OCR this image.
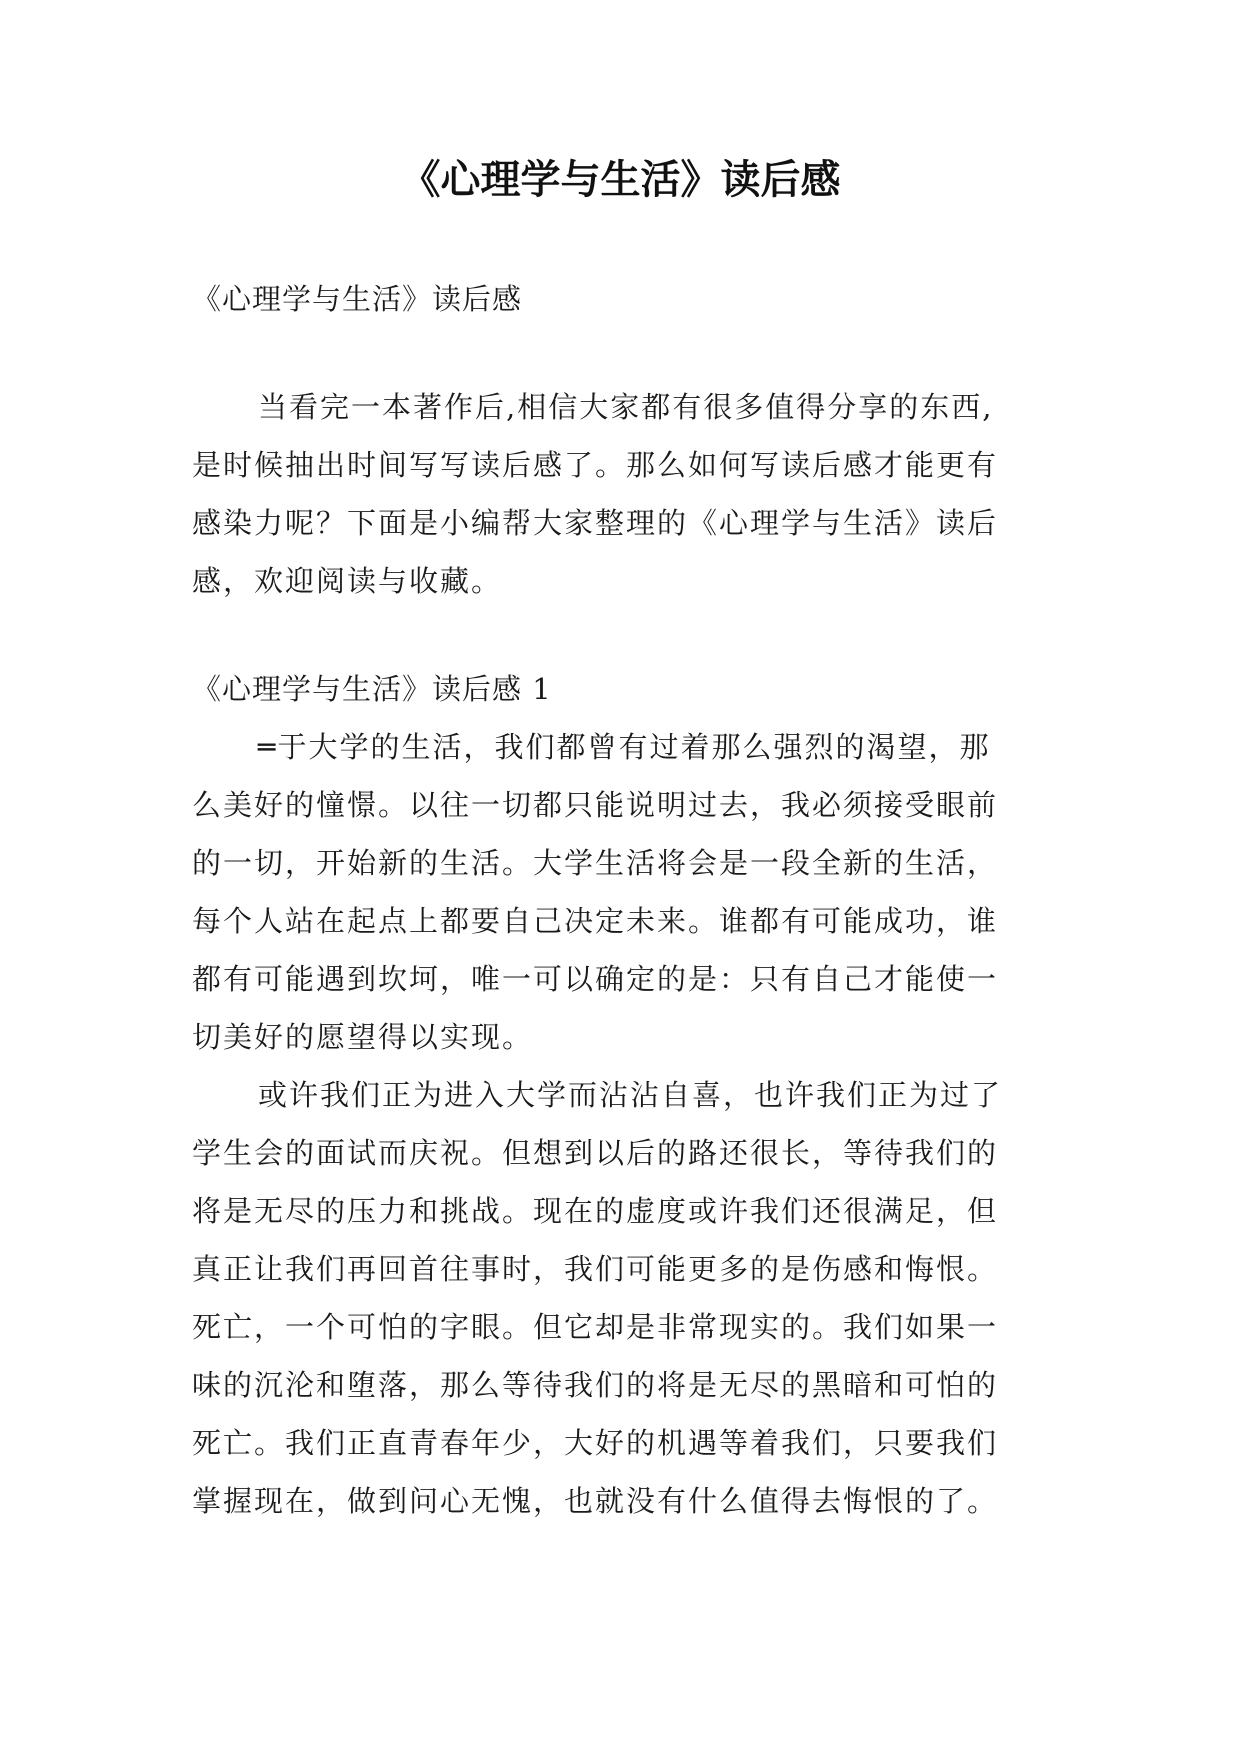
《心理学与生活》读后感

《心理学与生活》读后感

当看完一本著作后,相信大家都有很多值得分享的东西,

是时候抽出时间写写读后感了。那么如何写读后感才能更有

感染力呢？下面是小编帮大家整理的《心理学与生活》读后

感，欢迎阅读与收藏。

《心理学与生活》读后感 1

═于大学的生活，我们都曾有过着那么强烈的渴望，那

么美好的憧憬。以往一切都只能说明过去，我必须接受眼前

的一切，开始新的生活。大学生活将会是一段全新的生活，

每个人站在起点上都要自己决定未来。谁都有可能成功，谁

都有可能遇到坎坷，唯一可以确定的是：只有自己才能使一

切美好的愿望得以实现。

或许我们正为进入大学而沾沾自喜，也许我们正为过了

学生会的面试而庆祝。但想到以后的路还很长，等待我们的

将是无尽的压力和挑战。现在的虚度或许我们还很满足，但

真正让我们再回首往事时，我们可能更多的是伤感和悔恨。

死亡，一个可怕的字眼。但它却是非常现实的。我们如果一

味的沉沦和堕落，那么等待我们的将是无尽的黑暗和可怕的

死亡。我们正直青春年少，大好的机遇等着我们，只要我们

掌握现在，做到问心无愧，也就没有什么值得去悔恨的了。
